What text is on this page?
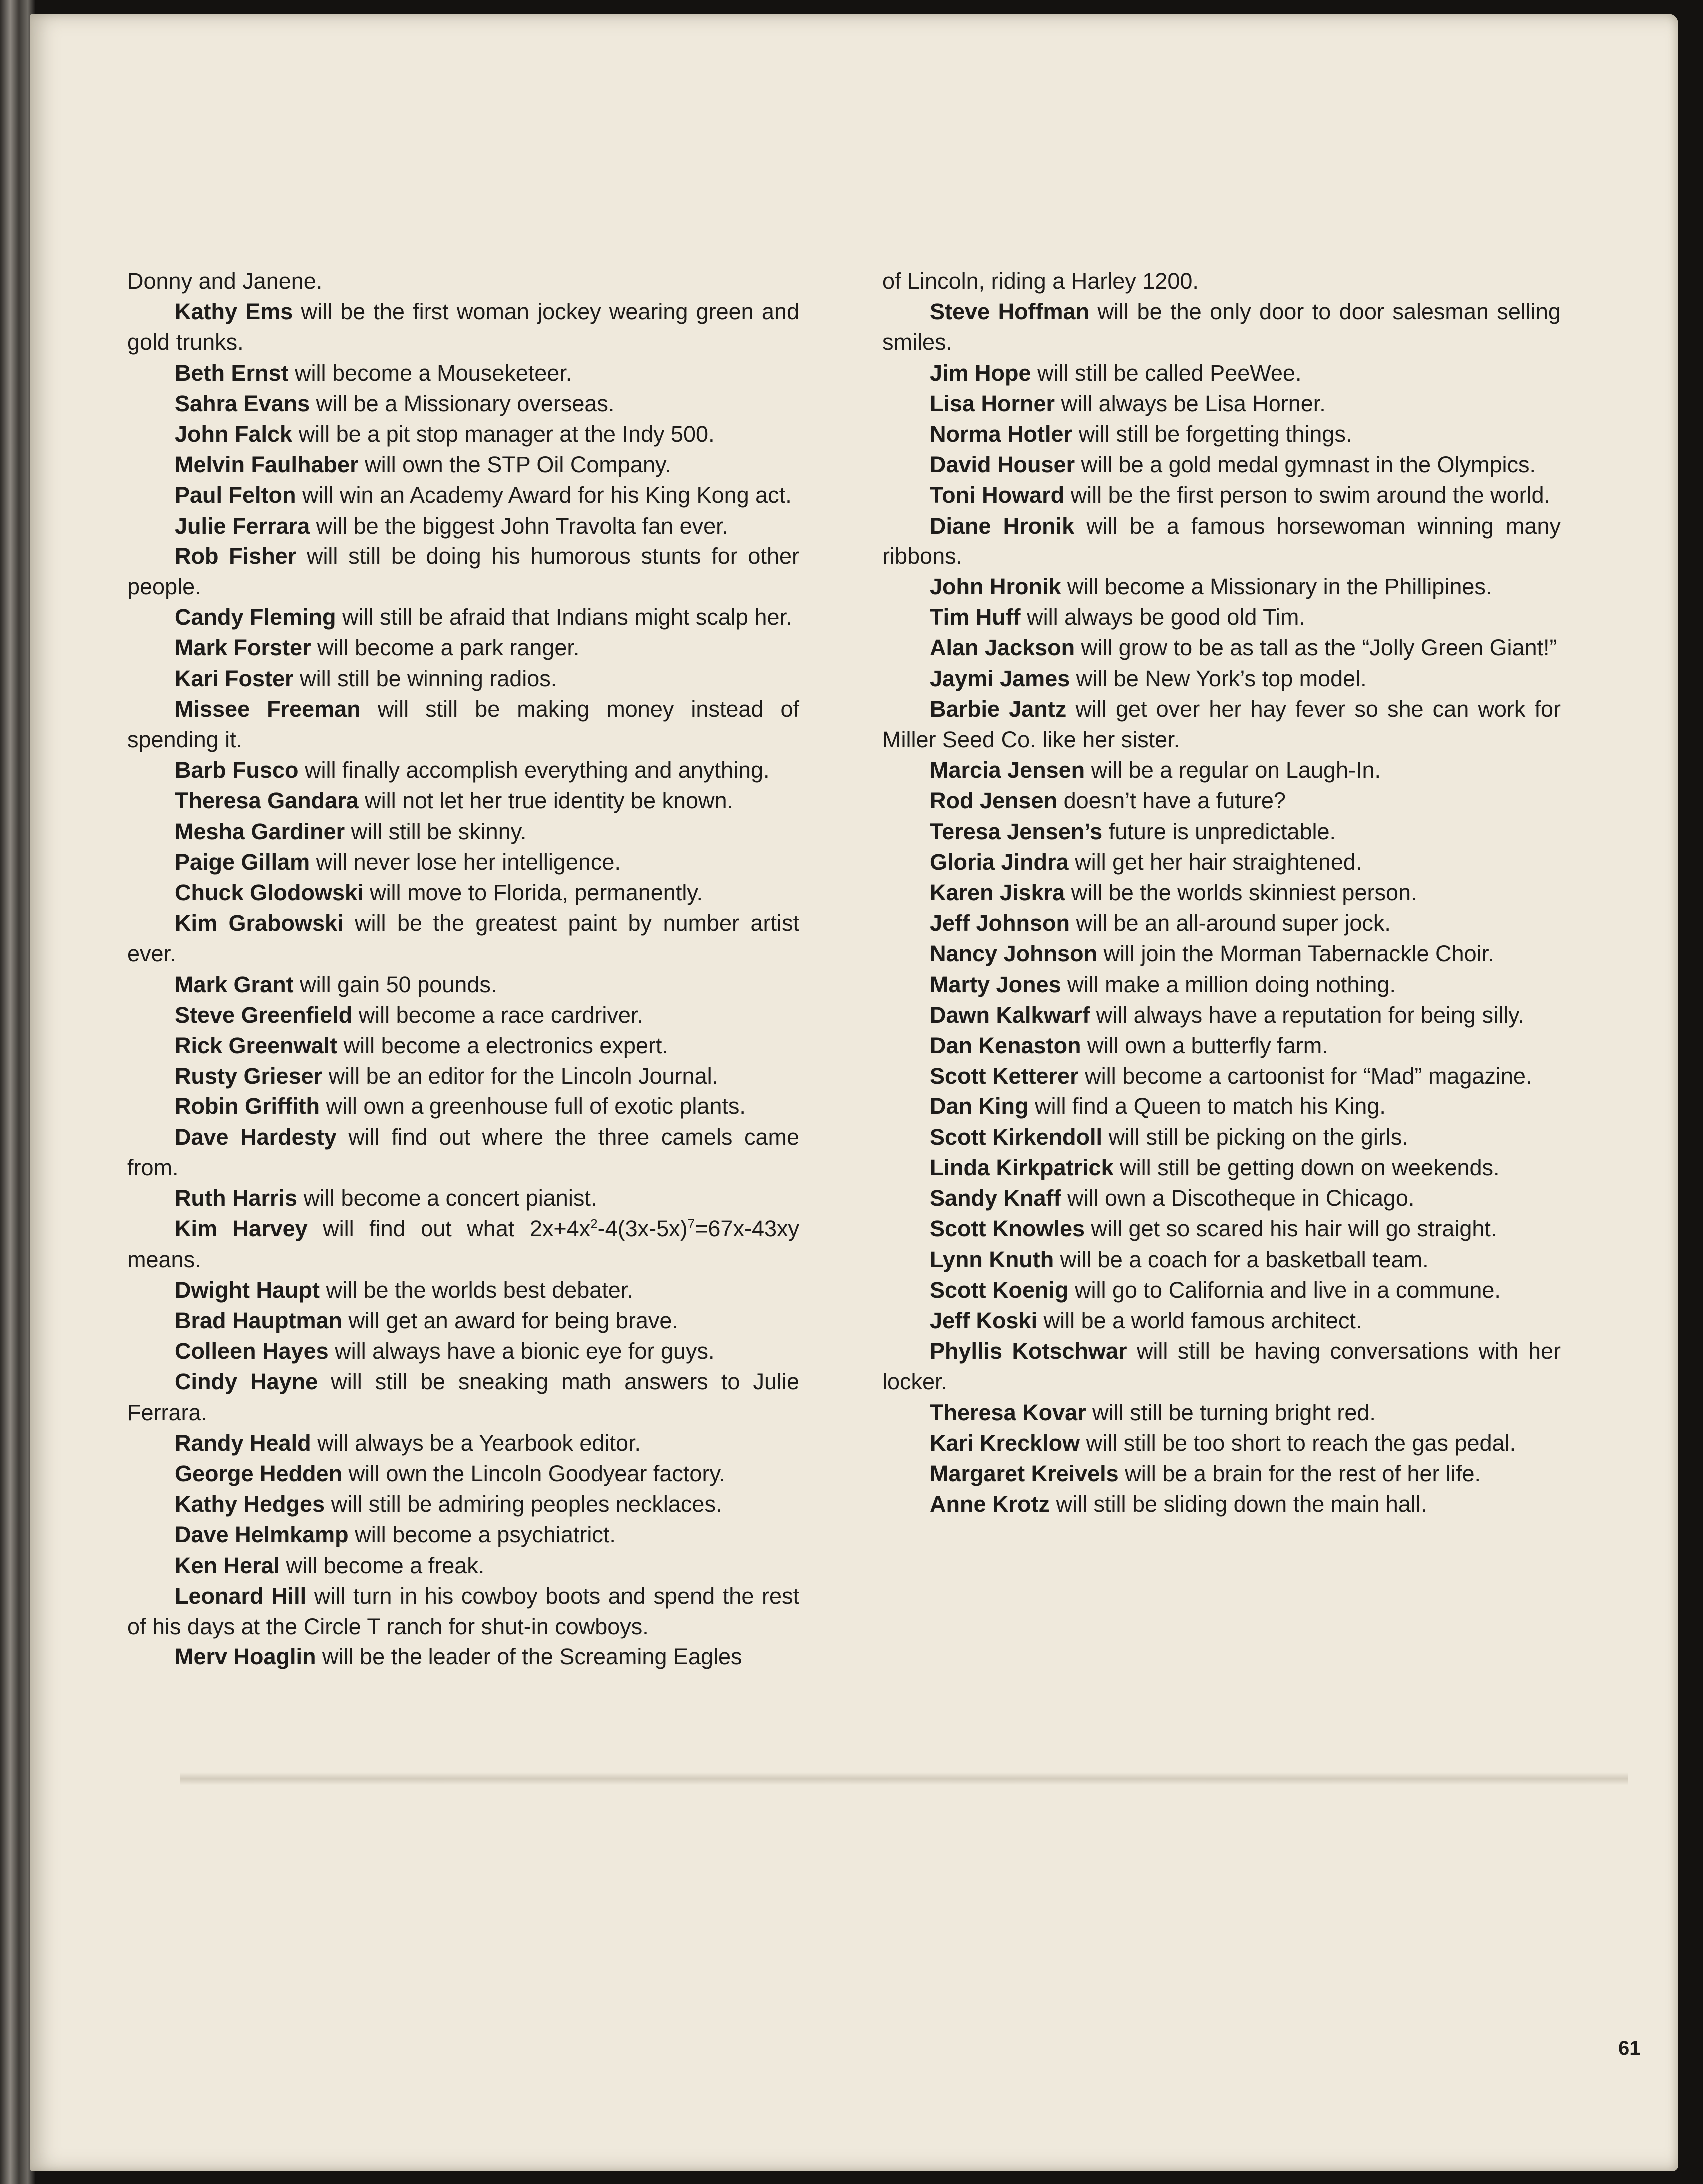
Donny and Janene.

Kathy Ems will be the first woman jockey wearing green and gold trunks.

Beth Ernst will become a Mouseketeer.

Sahra Evans will be a Missionary overseas.

John Falck will be a pit stop manager at the Indy 500.

Melvin Faulhaber will own the STP Oil Company.

Paul Felton will win an Academy Award for his King Kong act.

Julie Ferrara will be the biggest John Travolta fan ever.

Rob Fisher will still be doing his humorous stunts for other people.

Candy Fleming will still be afraid that Indians might scalp her.

Mark Forster will become a park ranger.

Kari Foster will still be winning radios.

Missee Freeman will still be making money instead of spending it.

Barb Fusco will finally accomplish everything and anything.

Theresa Gandara will not let her true identity be known.

Mesha Gardiner will still be skinny.

Paige Gillam will never lose her intelligence.

Chuck Glodowski will move to Florida, permanently.

Kim Grabowski will be the greatest paint by number artist ever.

Mark Grant will gain 50 pounds.

Steve Greenfield will become a race cardriver.

Rick Greenwalt will become a electronics expert.

Rusty Grieser will be an editor for the Lincoln Journal.

Robin Griffith will own a greenhouse full of exotic plants.

Dave Hardesty will find out where the three camels came from.

Ruth Harris will become a concert pianist.

Kim Harvey will find out what $2x+4x^2-4(3x-5x)^7=67x-43xy$ means.

Dwight Haupt will be the worlds best debater.

Brad Hauptman will get an award for being brave.

Colleen Hayes will always have a bionic eye for guys.

Cindy Hayne will still be sneaking math answers to Julie Ferrara.

Randy Heald will always be a Yearbook editor.

George Hedden will own the Lincoln Goodyear factory.

Kathy Hedges will still be admiring peoples necklaces.

Dave Helmkamp will become a psychiatrict.

Ken Heral will become a freak.

Leonard Hill will turn in his cowboy boots and spend the rest of his days at the Circle T ranch for shut-in cowboys.

Merv Hoaglin will be the leader of the Screaming Eagles

of Lincoln, riding a Harley 1200.

Steve Hoffman will be the only door to door salesman selling smiles.

Jim Hope will still be called PeeWee.

Lisa Horner will always be Lisa Horner.

Norma Hotler will still be forgetting things.

David Houser will be a gold medal gymnast in the Olympics.

Toni Howard will be the first person to swim around the world.

Diane Hronik will be a famous horsewoman winning many ribbons.

John Hronik will become a Missionary in the Phillipines.

Tim Huff will always be good old Tim.

Alan Jackson will grow to be as tall as the “Jolly Green Giant!”

Jaymi James will be New York’s top model.

Barbie Jantz will get over her hay fever so she can work for Miller Seed Co. like her sister.

Marcia Jensen will be a regular on Laugh-In.

Rod Jensen doesn’t have a future?

Teresa Jensen’s future is unpredictable.

Gloria Jindra will get her hair straightened.

Karen Jiskra will be the worlds skinniest person.

Jeff Johnson will be an all-around super jock.

Nancy Johnson will join the Morman Tabernackle Choir.

Marty Jones will make a million doing nothing.

Dawn Kalkwarf will always have a reputation for being silly.

Dan Kenaston will own a butterfly farm.

Scott Ketterer will become a cartoonist for “Mad” magazine.

Dan King will find a Queen to match his King.

Scott Kirkendoll will still be picking on the girls.

Linda Kirkpatrick will still be getting down on weekends.

Sandy Knaff will own a Discotheque in Chicago.

Scott Knowles will get so scared his hair will go straight.

Lynn Knuth will be a coach for a basketball team.

Scott Koenig will go to California and live in a commune.

Jeff Koski will be a world famous architect.

Phyllis Kotschwar will still be having conversations with her locker.

Theresa Kovar will still be turning bright red.

Kari Krecklow will still be too short to reach the gas pedal.

Margaret Kreivels will be a brain for the rest of her life.

Anne Krotz will still be sliding down the main hall.

61
